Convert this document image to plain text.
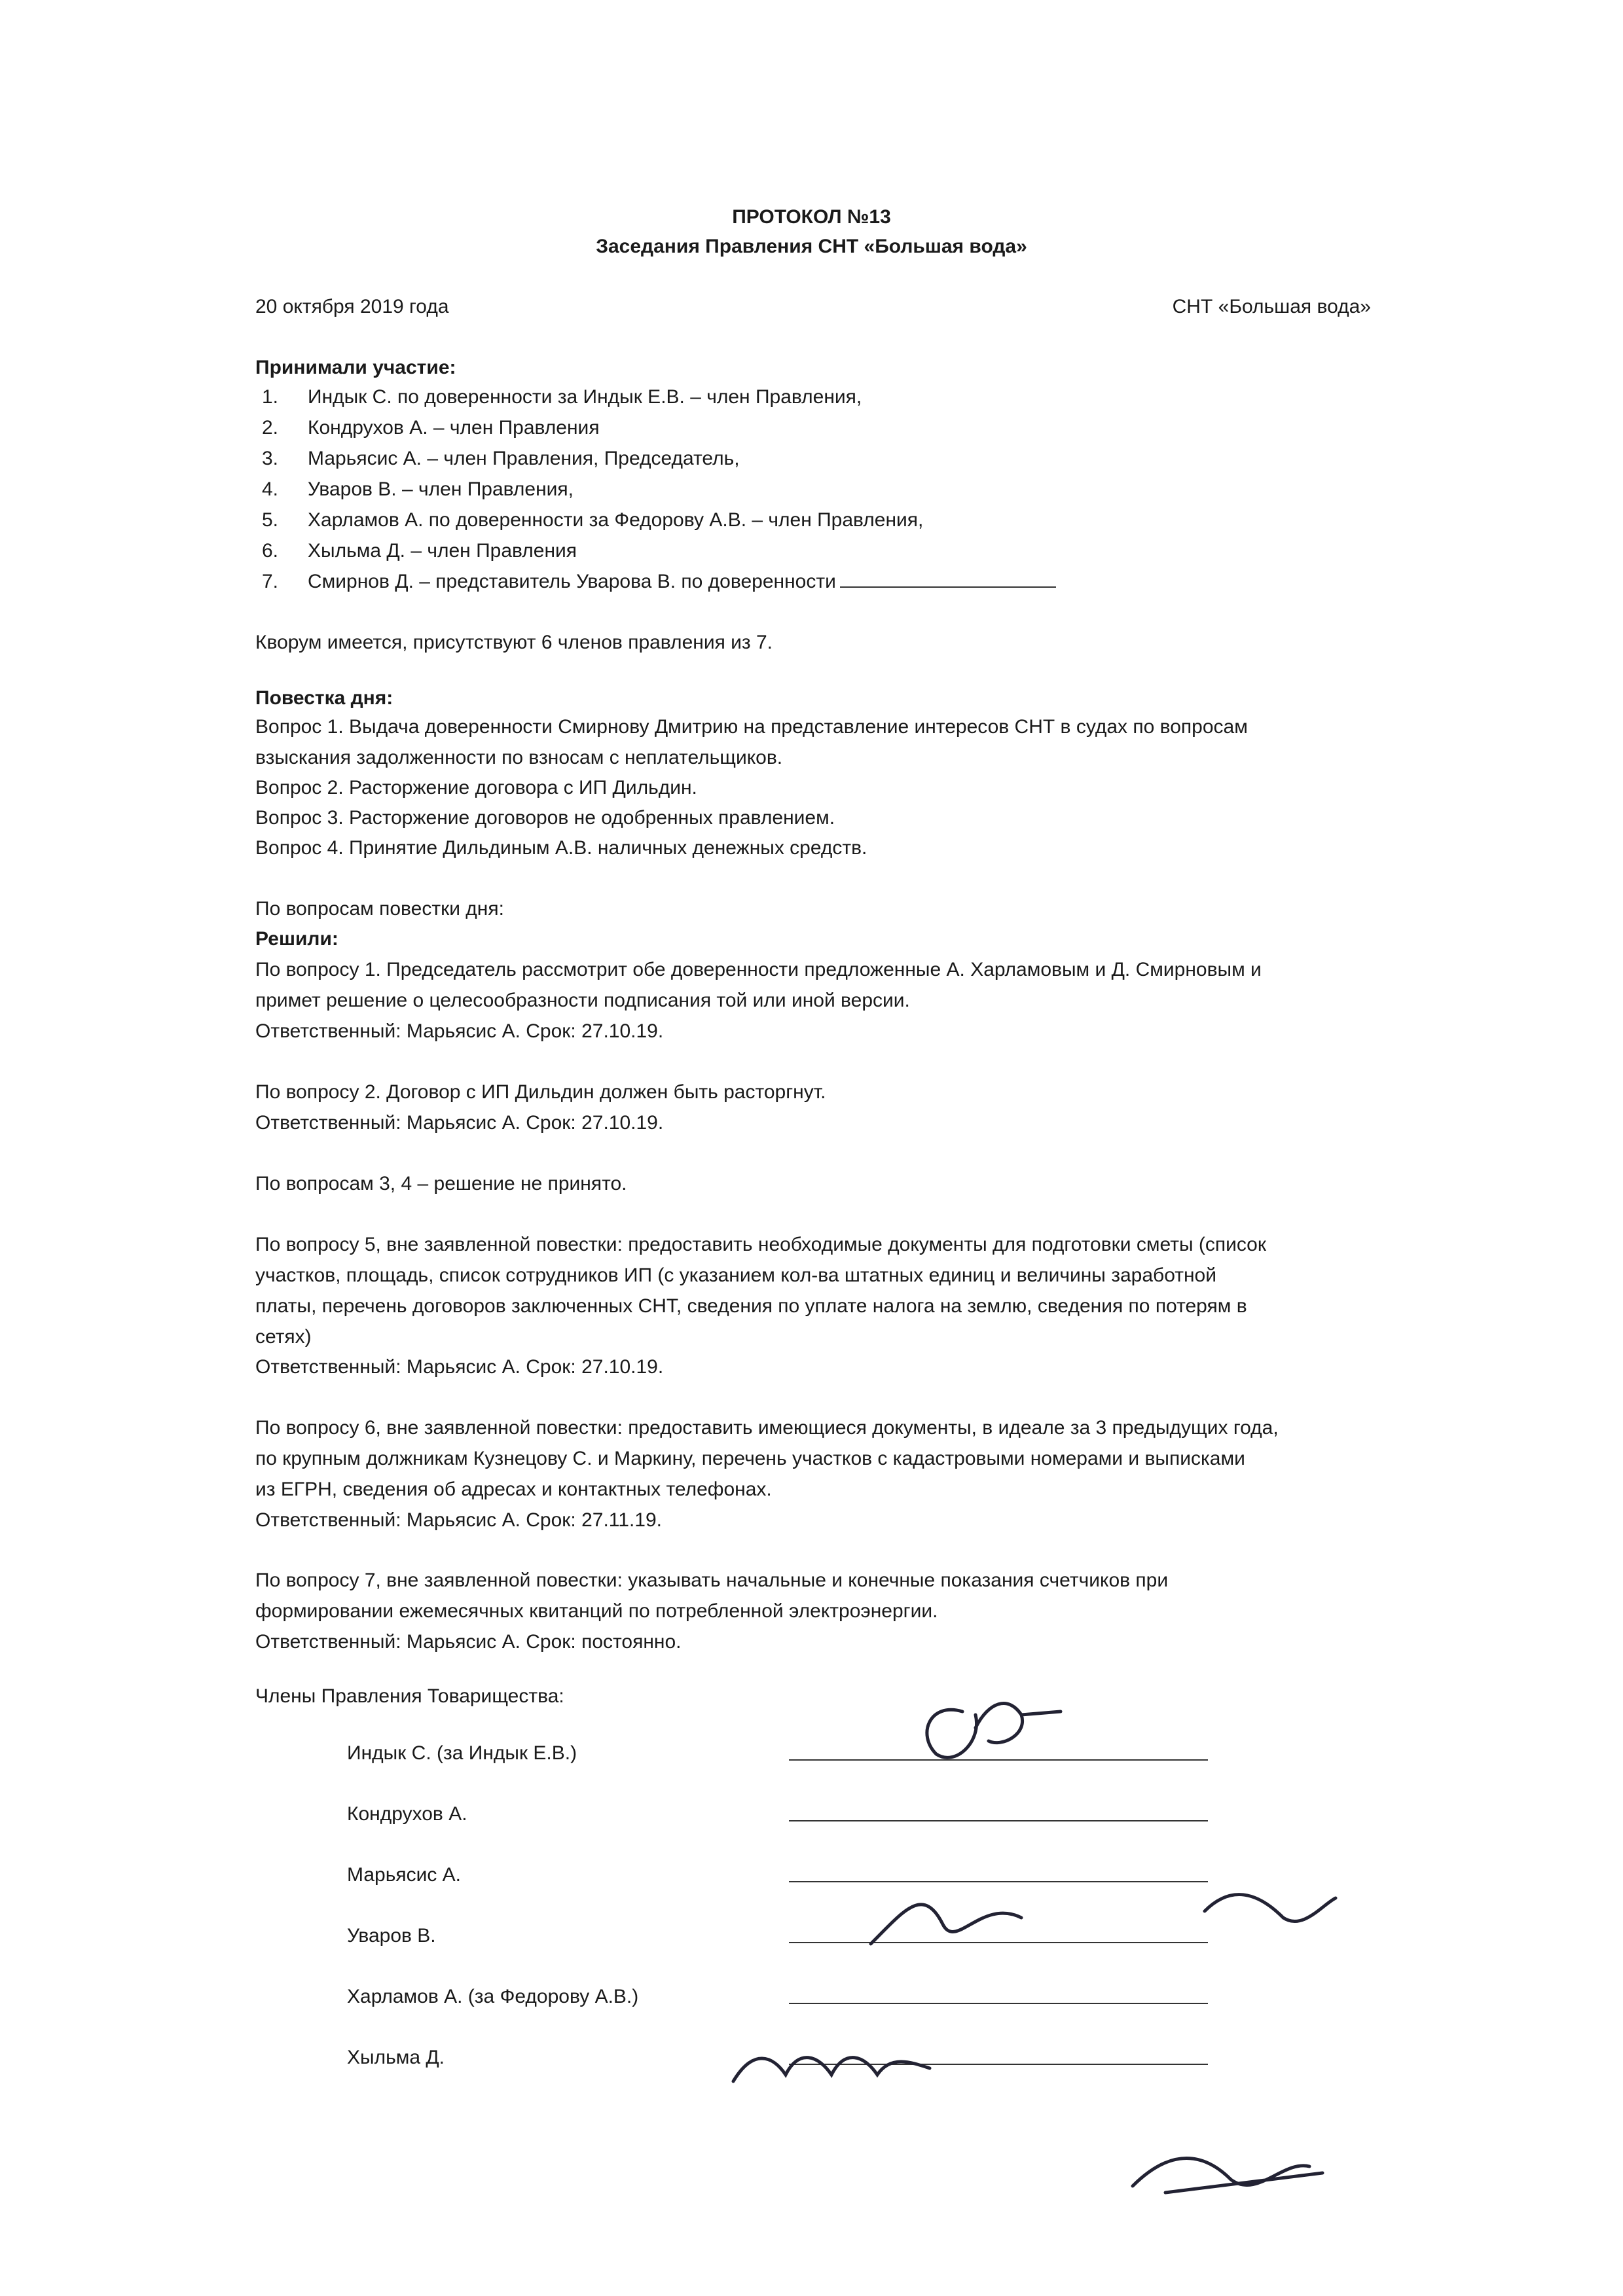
ПРОТОКОЛ №13
Заседания Правления СНТ «Большая вода»
20 октября 2019 года	СНТ «Большая вода»
Принимали участие:
1. Индык С. по доверенности за Индык Е.В. – член Правления,
2. Кондрухов А. – член Правления
3. Марьясис А. – член Правления, Председатель,
4. Уваров В. – член Правления,
5. Харламов А. по доверенности за Федорову А.В. – член Правления,
6. Хыльма Д. – член Правления
7. Смирнов Д. – представитель Уварова В. по доверенности
Кворум имеется, присутствуют 6 членов правления из 7.
Повестка дня:
Вопрос 1. Выдача доверенности Смирнову Дмитрию на представление интересов СНТ в судах по вопросам
взыскания задолженности по взносам с неплательщиков.
Вопрос 2. Расторжение договора с ИП Дильдин.
Вопрос 3. Расторжение договоров не одобренных правлением.
Вопрос 4. Принятие Дильдиным А.В. наличных денежных средств.
По вопросам повестки дня:
Решили:
По вопросу 1. Председатель рассмотрит обе доверенности предложенные А. Харламовым и Д. Смирновым и
примет решение о целесообразности подписания той или иной версии.
Ответственный: Марьясис А. Срок: 27.10.19.
По вопросу 2. Договор с ИП Дильдин должен быть расторгнут.
Ответственный: Марьясис А. Срок: 27.10.19.
По вопросам 3, 4 – решение не принято.
По вопросу 5, вне заявленной повестки: предоставить необходимые документы для подготовки сметы (список
участков, площадь, список сотрудников ИП (с указанием кол-ва штатных единиц и величины заработной
платы, перечень договоров заключенных СНТ, сведения по уплате налога на землю, сведения по потерям в
сетях)
Ответственный: Марьясис А. Срок: 27.10.19.
По вопросу 6, вне заявленной повестки: предоставить имеющиеся документы, в идеале за 3 предыдущих года,
по крупным должникам Кузнецову С. и Маркину, перечень участков с кадастровыми номерами и выписками
из ЕГРН, сведения об адресах и контактных телефонах.
Ответственный: Марьясис А. Срок: 27.11.19.
По вопросу 7, вне заявленной повестки: указывать начальные и конечные показания счетчиков при
формировании ежемесячных квитанций по потребленной электроэнергии.
Ответственный: Марьясис А. Срок: постоянно.
Члены Правления Товарищества:
Индык С. (за Индык Е.В.)
Кондрухов А.
Марьясис А.
Уваров В.
Харламов А. (за Федорову А.В.)
Хыльма Д.
с особым мнением Кондрухов
С особым мнением по вопросу 2
п.6. дополнить „В целях начала процедуры
взыскания задолженности“ Харламов
Вопрос 2 → вынести на решение ОСЧ
